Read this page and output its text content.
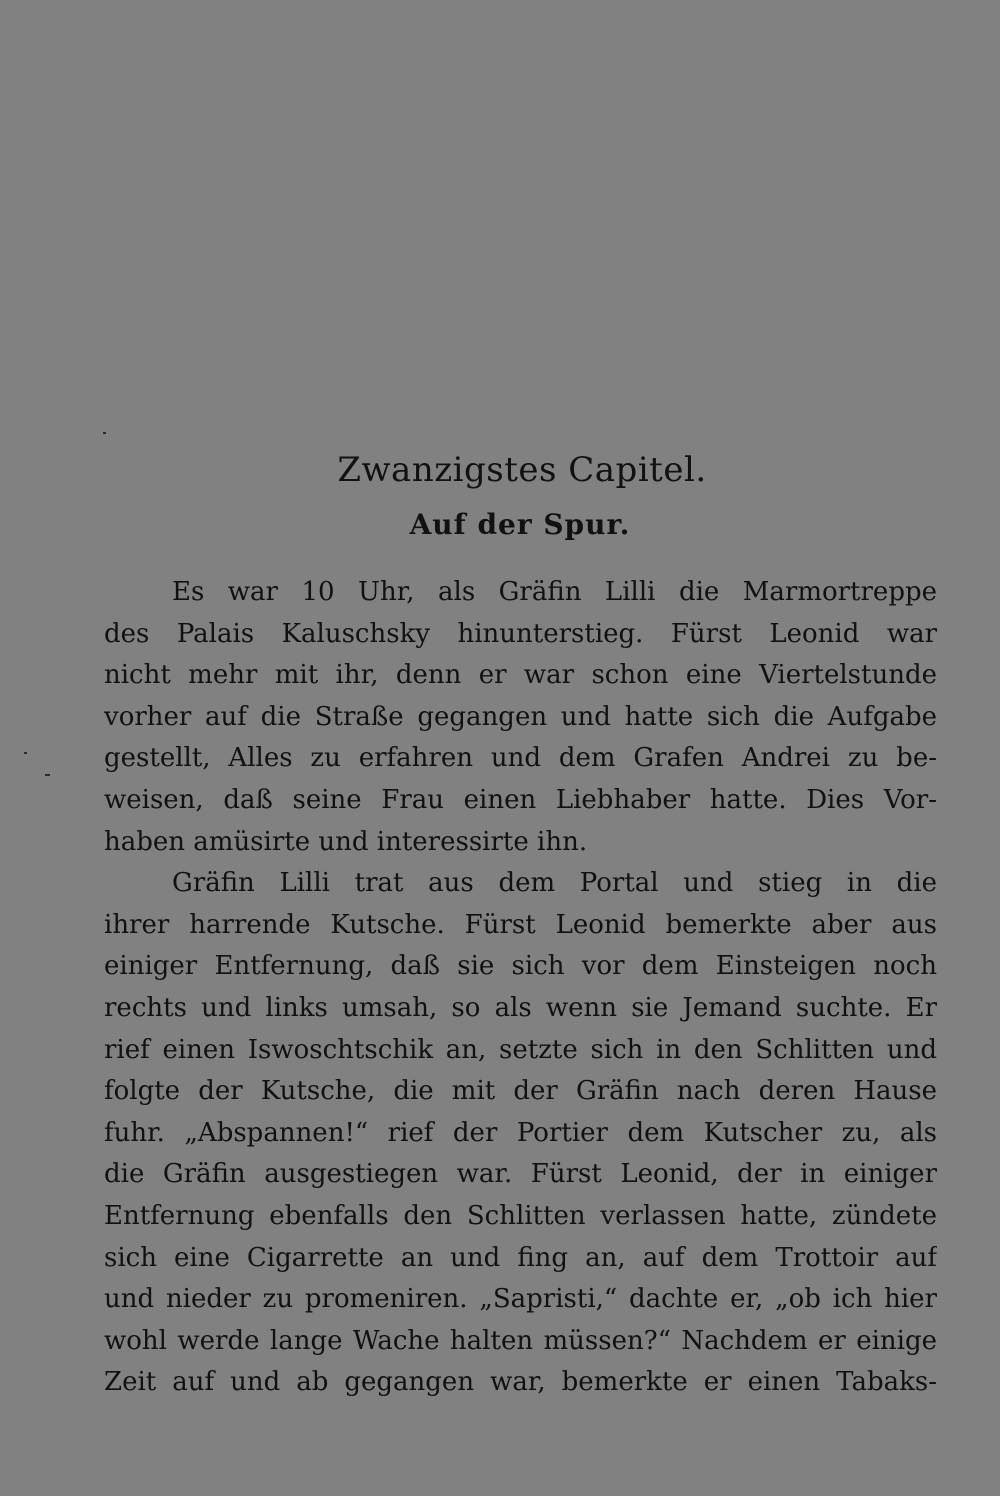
Zwanzigstes Capitel.
Auf der Spur.
Es war 10 Uhr, als Gräfin Lilli die Marmortreppe
des Palais Kaluschsky hinunterstieg. Fürst Leonid war
nicht mehr mit ihr, denn er war schon eine Viertelstunde
vorher auf die Straße gegangen und hatte sich die Aufgabe
gestellt, Alles zu erfahren und dem Grafen Andrei zu be-
weisen, daß seine Frau einen Liebhaber hatte. Dies Vor-
haben amüsirte und interessirte ihn.
Gräfin Lilli trat aus dem Portal und stieg in die
ihrer harrende Kutsche. Fürst Leonid bemerkte aber aus
einiger Entfernung, daß sie sich vor dem Einsteigen noch
rechts und links umsah, so als wenn sie Jemand suchte. Er
rief einen Iswoschtschik an, setzte sich in den Schlitten und
folgte der Kutsche, die mit der Gräfin nach deren Hause
fuhr. „Abspannen!“ rief der Portier dem Kutscher zu, als
die Gräfin ausgestiegen war. Fürst Leonid, der in einiger
Entfernung ebenfalls den Schlitten verlassen hatte, zündete
sich eine Cigarrette an und fing an, auf dem Trottoir auf
und nieder zu promeniren. „Sapristi,“ dachte er, „ob ich hier
wohl werde lange Wache halten müssen?“ Nachdem er einige
Zeit auf und ab gegangen war, bemerkte er einen Tabaks-
